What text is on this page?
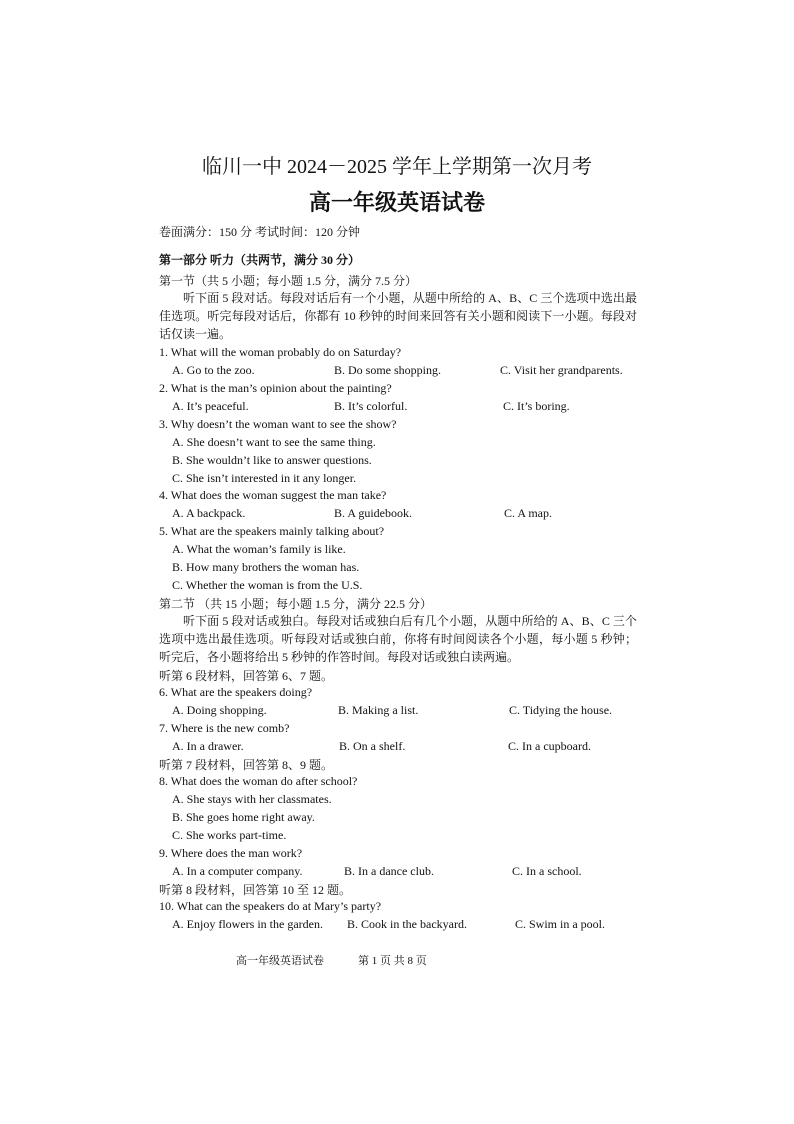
临川一中 2024－2025 学年上学期第一次月考
高一年级英语试卷
卷面满分：150 分 考试时间：120 分钟
第一部分 听力（共两节，满分 30 分）
第一节（共 5 小题；每小题 1.5 分，满分 7.5 分）
听下面 5 段对话。每段对话后有一个小题，从题中所给的 A、B、C 三个选项中选出最佳选项。听完每段对话后，你都有 10 秒钟的时间来回答有关小题和阅读下一小题。每段对话仅读一遍。
1. What will the woman probably do on Saturday?
A. Go to the zoo.	B. Do some shopping.	C. Visit her grandparents.
2. What is the man’s opinion about the painting?
A. It’s peaceful.	B. It’s colorful.	C. It’s boring.
3. Why doesn’t the woman want to see the show?
A. She doesn’t want to see the same thing.
B. She wouldn’t like to answer questions.
C. She isn’t interested in it any longer.
4. What does the woman suggest the man take?
A. A backpack.	B. A guidebook.	C. A map.
5. What are the speakers mainly talking about?
A. What the woman’s family is like.
B. How many brothers the woman has.
C. Whether the woman is from the U.S.
第二节 （共 15 小题；每小题 1.5 分，满分 22.5 分）
听下面 5 段对话或独白。每段对话或独白后有几个小题，从题中所给的 A、B、C 三个选项中选出最佳选项。听每段对话或独白前，你将有时间阅读各个小题，每小题 5 秒钟；听完后，各小题将给出 5 秒钟的作答时间。每段对话或独白读两遍。
听第 6 段材料，回答第 6、7 题。
6. What are the speakers doing?
A. Doing shopping.	B. Making a list.	C. Tidying the house.
7. Where is the new comb?
A. In a drawer.	B. On a shelf.	C. In a cupboard.
听第 7 段材料，回答第 8、9 题。
8. What does the woman do after school?
A. She stays with her classmates.
B. She goes home right away.
C. She works part-time.
9. Where does the man work?
A. In a computer company.	B. In a dance club.	C. In a school.
听第 8 段材料，回答第 10 至 12 题。
10. What can the speakers do at Mary’s party?
A. Enjoy flowers in the garden. B. Cook in the backyard.	C. Swim in a pool.
高一年级英语试卷	第 1 页 共 8 页
